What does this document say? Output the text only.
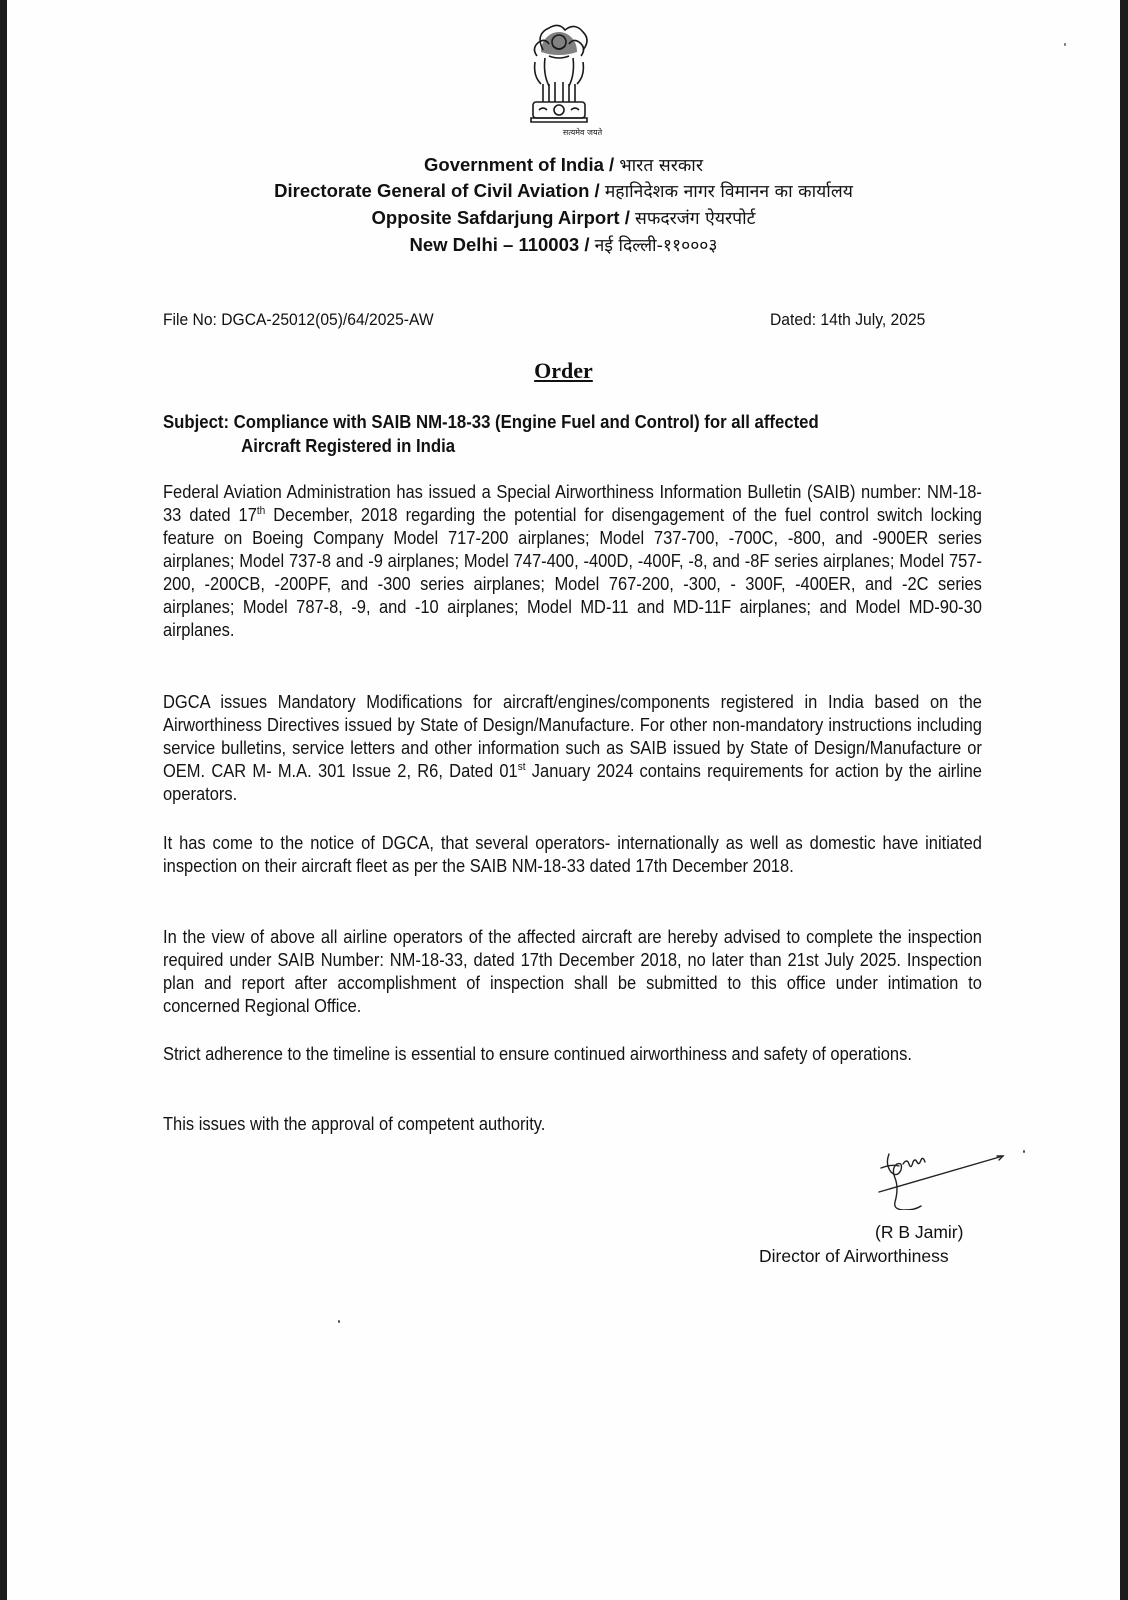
सत्यमेव जयते
Government of India / भारत सरकार
Directorate General of Civil Aviation / महानिदेशक नागर विमानन का कार्यालय
Opposite Safdarjung Airport / सफदरजंग ऐयरपोर्ट
New Delhi – 110003 / नई दिल्ली-११०००३
File No: DGCA-25012(05)/64/2025-AW	Dated: 14th July, 2025
Order
Subject: Compliance with SAIB NM-18-33 (Engine Fuel and Control) for all affected
Aircraft Registered in India
Federal Aviation Administration has issued a Special Airworthiness Information Bulletin (SAIB) number: NM-18-33 dated 17th December, 2018 regarding the potential for disengagement of the fuel control switch locking feature on Boeing Company Model 717-200 airplanes; Model 737-700, -700C, -800, and -900ER series airplanes; Model 737-8 and -9 airplanes; Model 747-400, -400D, -400F, -8, and -8F series airplanes; Model 757-200, -200CB, -200PF, and -300 series airplanes; Model 767-200, -300, - 300F, -400ER, and -2C series airplanes; Model 787-8, -9, and -10 airplanes; Model MD-11 and MD-11F airplanes; and Model MD-90-30 airplanes.
DGCA issues Mandatory Modifications for aircraft/engines/components registered in India based on the Airworthiness Directives issued by State of Design/Manufacture. For other non-mandatory instructions including service bulletins, service letters and other information such as SAIB issued by State of Design/Manufacture or OEM. CAR M- M.A. 301 Issue 2, R6, Dated 01st January 2024 contains requirements for action by the airline operators.
It has come to the notice of DGCA, that several operators- internationally as well as domestic have initiated inspection on their aircraft fleet as per the SAIB NM-18-33 dated 17th December 2018.
In the view of above all airline operators of the affected aircraft are hereby advised to complete the inspection required under SAIB Number: NM-18-33, dated 17th December 2018, no later than 21st July 2025. Inspection plan and report after accomplishment of inspection shall be submitted to this office under intimation to concerned Regional Office.
Strict adherence to the timeline is essential to ensure continued airworthiness and safety of operations.
This issues with the approval of competent authority.
(R B Jamir)
Director of Airworthiness
